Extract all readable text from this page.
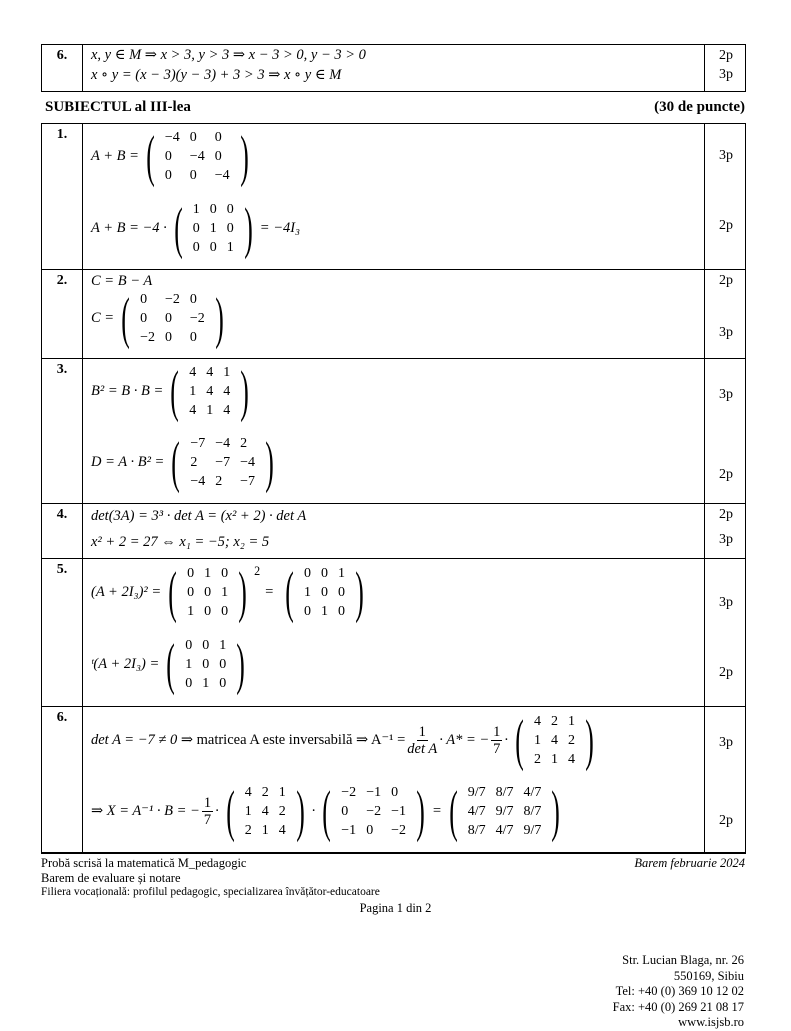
6.	x, y ∈ M ⇒ x > 3, y > 3 ⇒ x − 3 > 0, y − 3 > 0
x ∘ y = (x − 3)(y − 3) + 3 > 3 ⇒ x ∘ y ∈ M

2p
3p
SUBIECTUL al III-lea	(30 de puncte)
1.	
A + B = ( −4	0	0
0	−4	0
0	0	−4 )
A + B = −4 · ( 1	0	0
0	1	0
0	0	1 ) = −4I₃

3p
2p

2.	C = B − A
C = ( 0	−2	0
0	0	−2
−2	0	0 )

2p
3p

3.	
B² = B · B = ( 4	4	1
1	4	4
4	1	4 )
D = A · B² = ( −7	−4	2
2	−7	−4
−4	2	−7 )

3p
2p

4.	det(3A) = 3³ · det A = (x² + 2) · det A
x² + 2 = 27 ⇔ x₁ = −5; x₂ = 5

2p
3p

5.	
(A + 2I₃)² = ( 0	1	0
0	0	1
1	0	0 ) $^2$
= ( 0	0	1
1	0	0
0	1	0 )
ᵗ(A + 2I₃) = ( 0	0	1
1	0	0
0	1	0 )

3p
2p

6.	
det A = −7 ≠ 0 ⇒
matricea A este inversabilă ⇒ $A^{-1} = \frac{1}{\text{det A}} \cdot A*$ = − $\frac{1}{7}$ · ( 4	2	1
1	4	2
2	1	4 )
⇒ X = A⁻¹ · B = − $\frac{1}{7}$ · ( 4	2	1
1	4	2
2	1	4 ) · ( −2	−1	0
0	−2	−1
−1	0	−2 ) = ( 9/7	8/7	4/7
4/7	9/7	8/7
8/7	4/7	9/7 )

3p
2p
Probă scrisă la matematică M_pedagogic	Barem februarie 2024
Barem de evaluare și notare
Filiera vocațională: profilul pedagogic, specializarea învățător-educatoare
Pagina 1 din 2
Str. Lucian Blaga, nr. 26
550169, Sibiu
Tel: +40 (0) 369 10 12 02
Fax: +40 (0) 269 21 08 17
www.isjsb.ro
